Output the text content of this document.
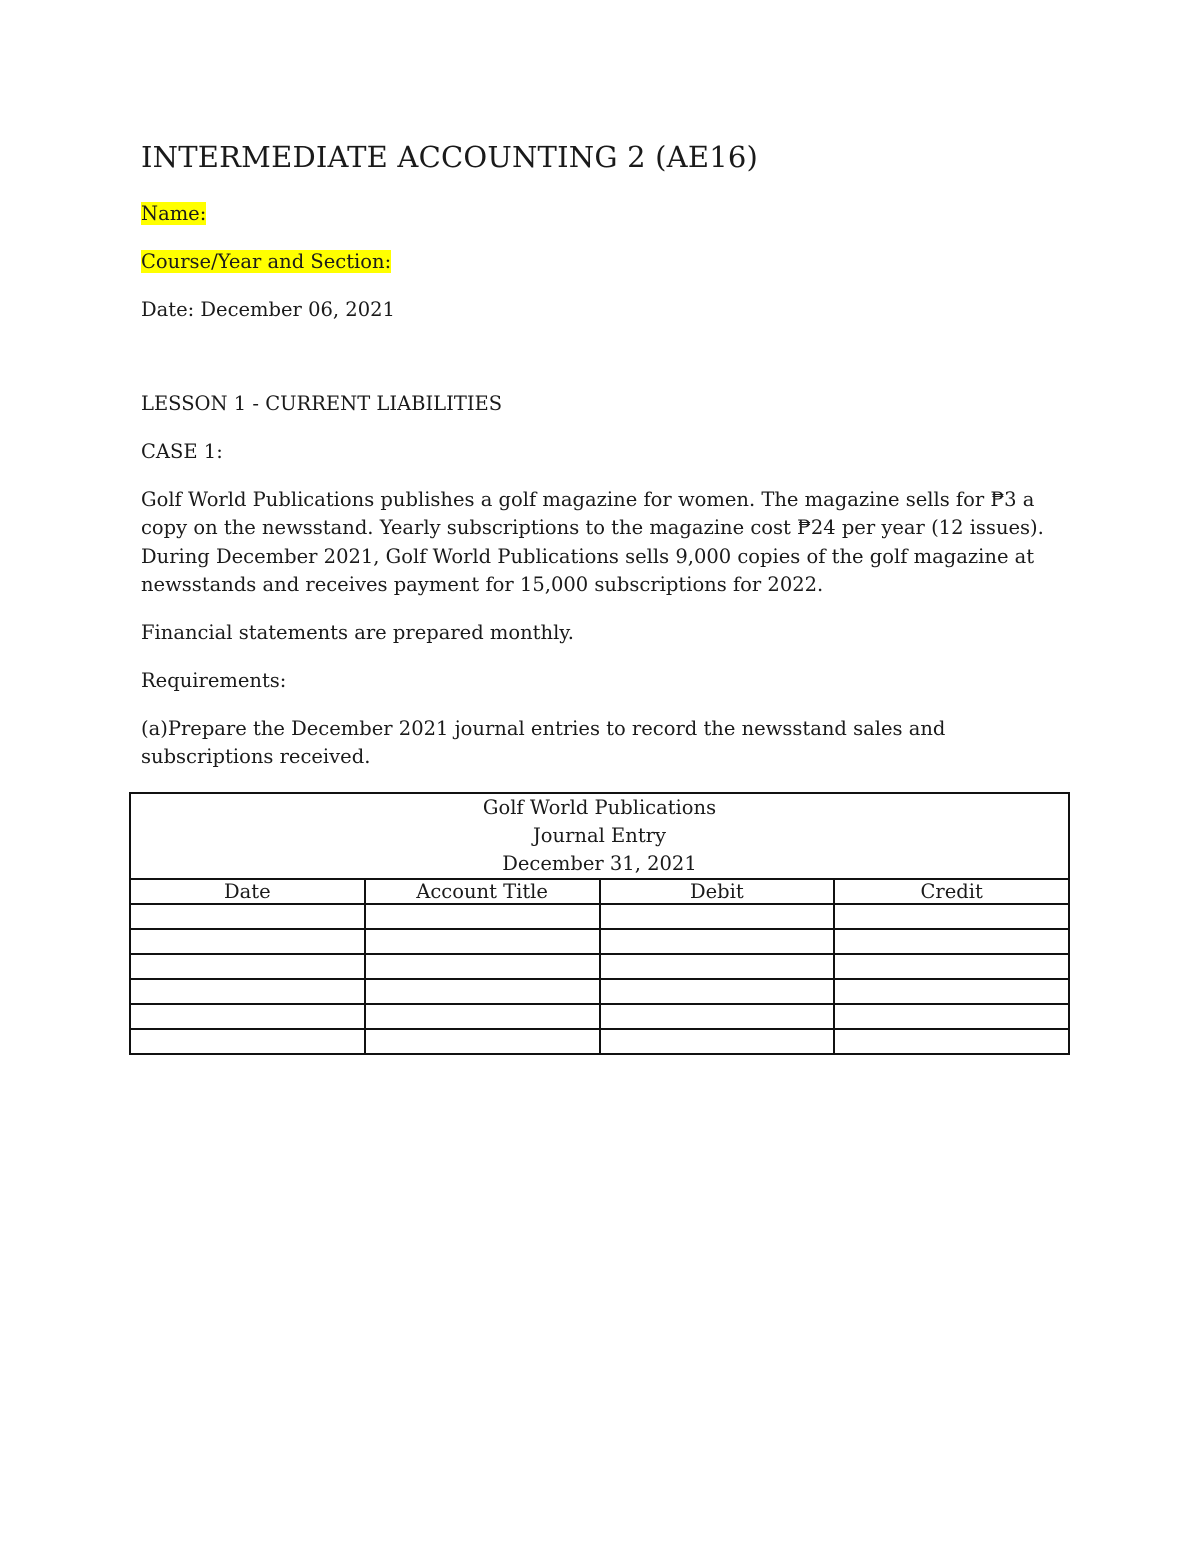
INTERMEDIATE ACCOUNTING 2 (AE16)
Name:
Course/Year and Section:
Date: December 06, 2021
LESSON 1 - CURRENT LIABILITIES
CASE 1:
Golf World Publications publishes a golf magazine for women. The magazine sells for ₱3 a copy on the newsstand. Yearly subscriptions to the magazine cost ₱24 per year (12 issues). During December 2021, Golf World Publications sells 9,000 copies of the golf magazine at newsstands and receives payment for 15,000 subscriptions for 2022.
Financial statements are prepared monthly.
Requirements:
(a)Prepare the December 2021 journal entries to record the newsstand sales and subscriptions received.
Golf World Publications
Journal Entry
December 31, 2021			

Date	Account Title	Debit	Credit
